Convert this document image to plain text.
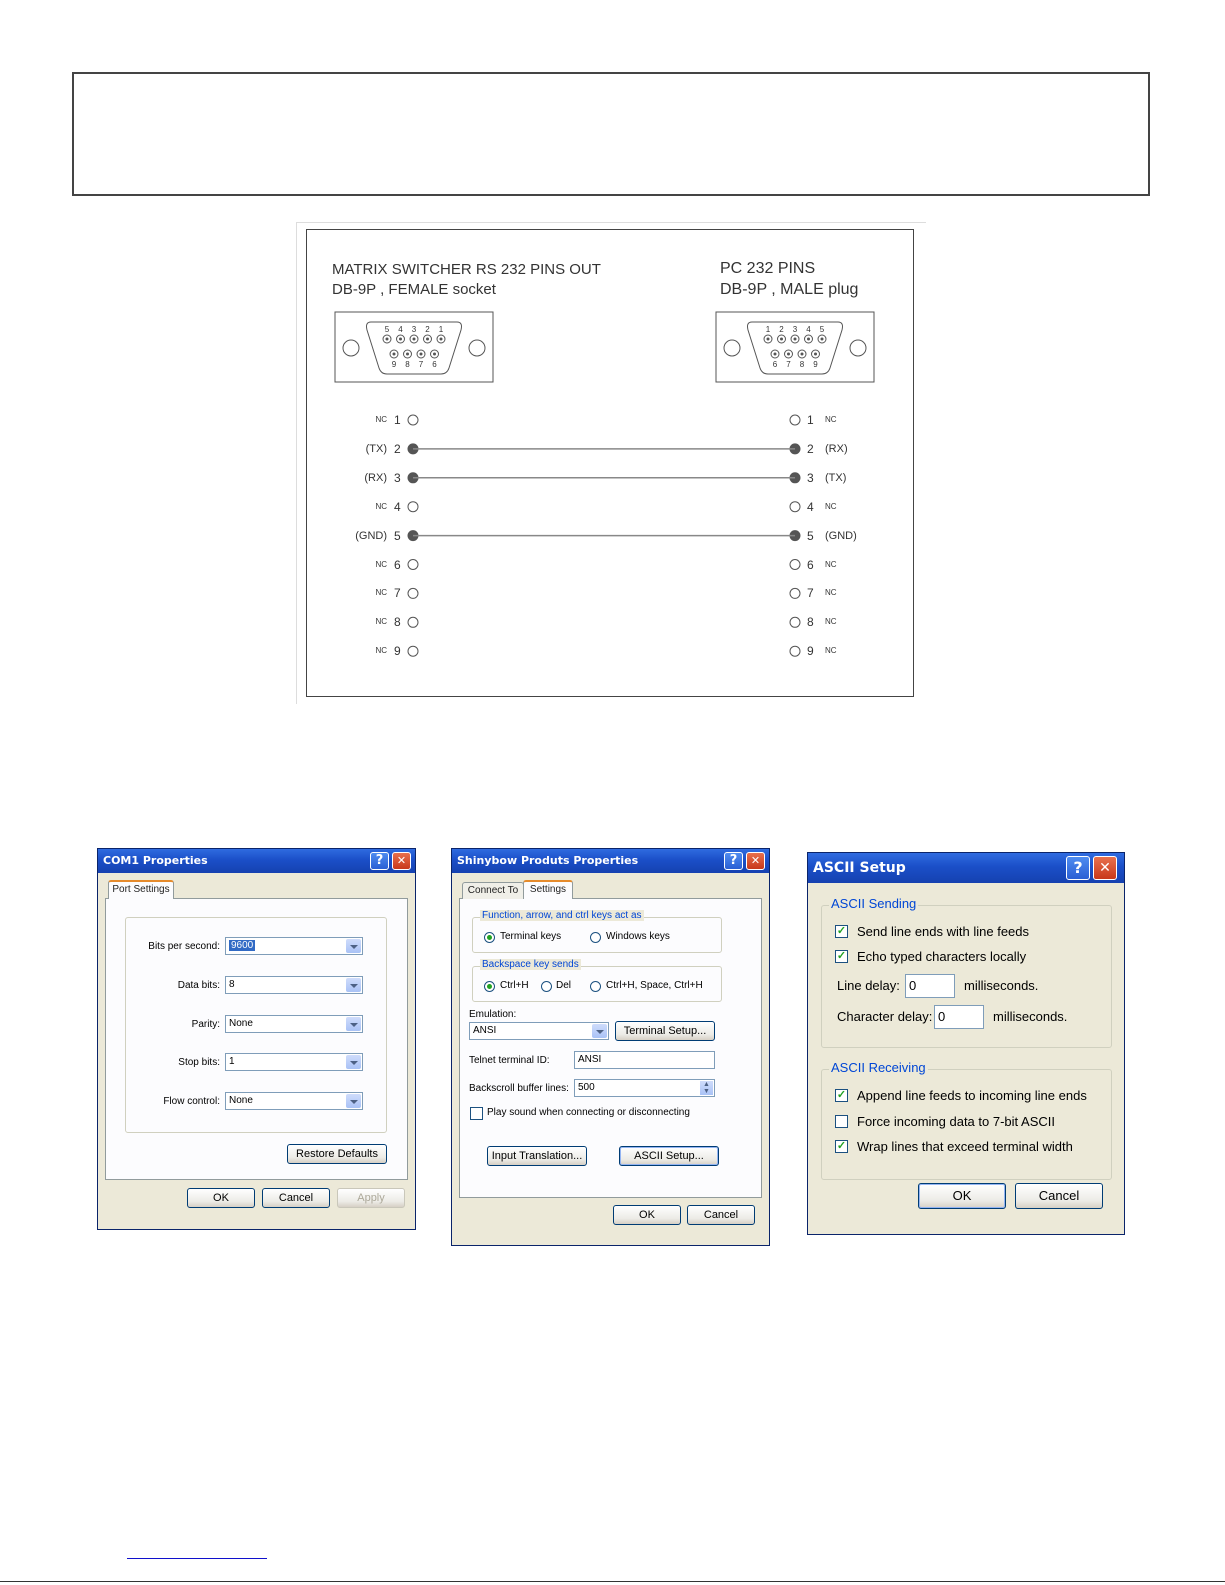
MATRIX SWITCHER RS 232 PINS OUT
DB-9P , FEMALE socket
PC 232 PINS
DB-9P , MALE plug
5 4 3 2 1
9 8 7 6
1 2 3 4 5
6 7 8 9
NC 1	1 NC
(TX) 2	2 (RX)
(RX) 3	3 (TX)
NC 4	4 NC
(GND) 5	5 (GND)
NC 6	6 NC
NC 7	7 NC
NC 8	8 NC
NC 9	9 NC
COM1 Properties	?	✕
Port Settings
Bits per second:	9600
Data bits: 8
Parity: None
Stop bits: 1
Flow control: None
Restore Defaults
OK	Cancel	Apply
Shinybow Produts Properties	?	✕
Connect To	Settings
Function, arrow, and ctrl keys act as
Terminal keys	Windows keys
Backspace key sends
Ctrl+H	Del	Ctrl+H, Space, Ctrl+H
Emulation:
ANSI	Terminal Setup...
Telnet terminal ID:	ANSI
Backscroll buffer lines: 500	▲
▼
Play sound when connecting or disconnecting
Input Translation...	ASCII Setup...
OK	Cancel
ASCII Setup	?	✕
ASCII Sending
✓ Send line ends with line feeds
✓ Echo typed characters locally
Line delay: 0	milliseconds.
Character delay: 0	milliseconds.
ASCII Receiving
✓ Append line feeds to incoming line ends
Force incoming data to 7-bit ASCII
✓ Wrap lines that exceed terminal width
OK	Cancel
